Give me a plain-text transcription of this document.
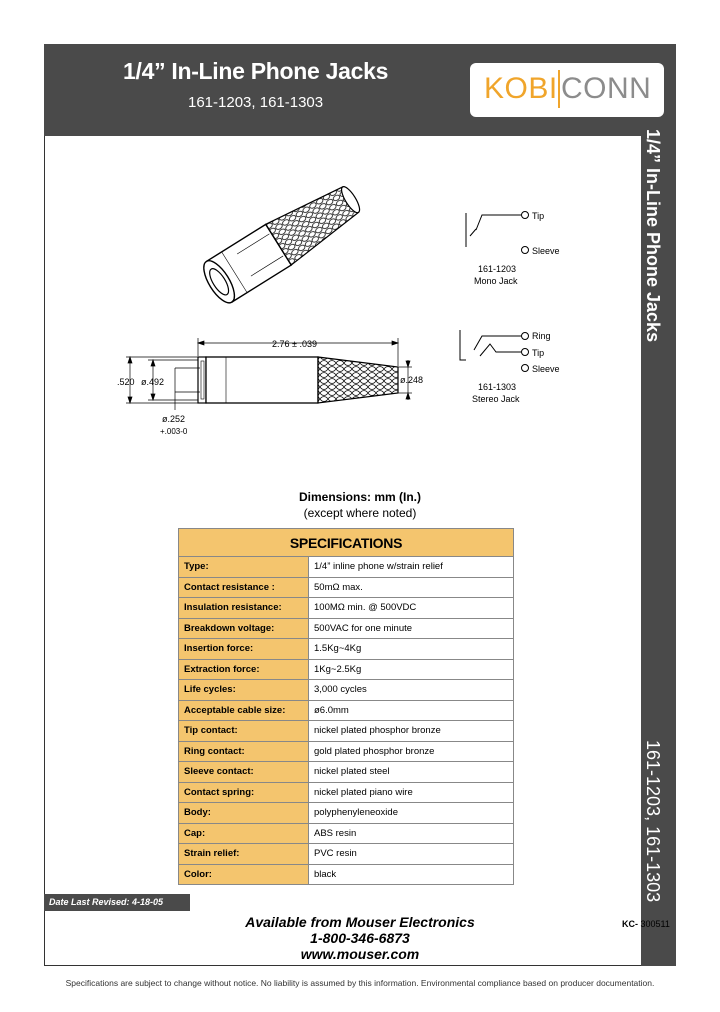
1/4” In-Line Phone Jacks
161-1203, 161-1303	KOBI CONN
1/4” In-Line Phone Jacks
161-1203, 161-1303
2.76 ± .039
.520 ø.492
ø.252
+.003-0
ø.248
Tip
Sleeve
161-1203
Mono Jack
Ring
Tip
Sleeve
161-1303
Stereo Jack
Dimensions: mm (In.)
(except where noted)
SPECIFICATIONS	
Type:	1/4” inline phone w/strain relief
Contact resistance :	50mΩ max.
Insulation resistance:	100MΩ min. @ 500VDC
Breakdown voltage:	500VAC for one minute
Insertion force:	1.5Kg~4Kg
Extraction force:	1Kg~2.5Kg
Life cycles:	3,000 cycles
Acceptable cable size:	ø6.0mm
Tip contact:	nickel plated phosphor bronze
Ring contact:	gold plated phosphor bronze
Sleeve contact:	nickel plated steel
Contact spring:	nickel plated piano wire
Body:	polyphenyleneoxide
Cap:	ABS resin
Strain relief:	PVC resin
Color:	black
Date Last Revised: 4-18-05
Available from Mouser Electronics
1-800-346-6873
www.mouser.com
KC- 300511
Specifications are subject to change without notice. No liability is assumed by this information. Environmental compliance based on producer documentation.
